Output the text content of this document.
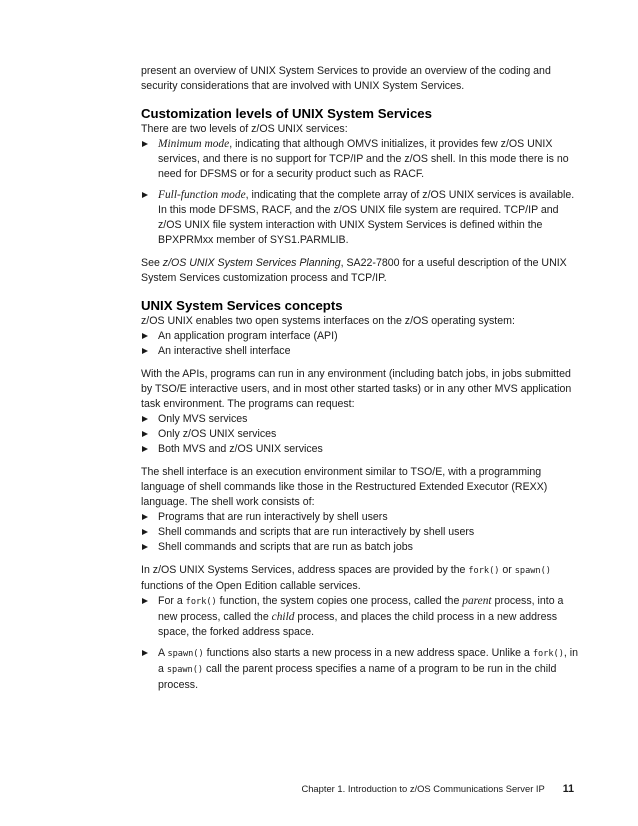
present an overview of UNIX System Services to provide an overview of the coding and
security considerations that are involved with UNIX System Services.

Customization levels of UNIX System Services

There are two levels of z/OS UNIX services:

Minimum mode, indicating that although OMVS initializes, it provides few z/OS UNIX services, and there is no support for TCP/IP and the z/OS shell. In this mode there is no need for DFSMS or for a security product such as RACF.
Full-function mode, indicating that the complete array of z/OS UNIX services is available. In this mode DFSMS, RACF, and the z/OS UNIX file system are required. TCP/IP and z/OS UNIX file system interaction with UNIX System Services is defined within the BPXPRMxx member of SYS1.PARMLIB.

See z/OS UNIX System Services Planning, SA22-7800 for a useful description of the UNIX System Services customization process and TCP/IP.

UNIX System Services concepts

z/OS UNIX enables two open systems interfaces on the z/OS operating system:

An application program interface (API)
An interactive shell interface

With the APIs, programs can run in any environment (including batch jobs, in jobs submitted by TSO/E interactive users, and in most other started tasks) or in any other MVS application task environment. The programs can request:

Only MVS services
Only z/OS UNIX services
Both MVS and z/OS UNIX services

The shell interface is an execution environment similar to TSO/E, with a programming language of shell commands like those in the Restructured Extended Executor (REXX) language. The shell work consists of:

Programs that are run interactively by shell users
Shell commands and scripts that are run interactively by shell users
Shell commands and scripts that are run as batch jobs

In z/OS UNIX Systems Services, address spaces are provided by the fork() or spawn() functions of the Open Edition callable services.

For a fork() function, the system copies one process, called the parent process, into a new process, called the child process, and places the child process in a new address space, the forked address space.
A spawn() functions also starts a new process in a new address space. Unlike a fork(), in a spawn() call the parent process specifies a name of a program to be run in the child process.
Chapter 1. Introduction to z/OS Communications Server IP 11
